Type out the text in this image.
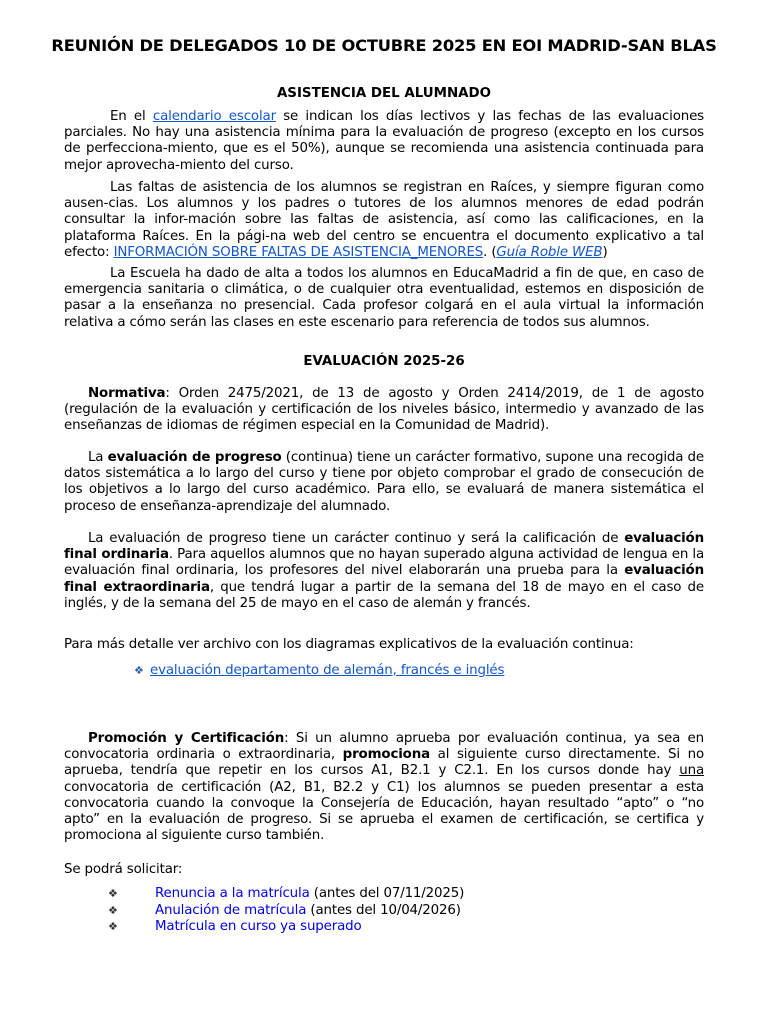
REUNIÓN DE DELEGADOS 10 DE OCTUBRE 2025 EN EOI MADRID-SAN BLAS
ASISTENCIA DEL ALUMNADO
En el calendario escolar se indican los días lectivos y las fechas de las evaluaciones parciales. No hay una asistencia mínima para la evaluación de progreso (excepto en los cursos de perfecciona-miento, que es el 50%), aunque se recomienda una asistencia continuada para mejor aprovecha-miento del curso.
Las faltas de asistencia de los alumnos se registran en Raíces, y siempre figuran como ausen-cias. Los alumnos y los padres o tutores de los alumnos menores de edad podrán consultar la infor-mación sobre las faltas de asistencia, así como las calificaciones, en la plataforma Raíces. En la pági-na web del centro se encuentra el documento explicativo a tal efecto: INFORMACIÓN SOBRE FALTAS DE ASISTENCIA_MENORES. (Guía Roble WEB)
La Escuela ha dado de alta a todos los alumnos en EducaMadrid a fin de que, en caso de emergencia sanitaria o climática, o de cualquier otra eventualidad, estemos en disposición de pasar a la enseñanza no presencial. Cada profesor colgará en el aula virtual la información relativa a cómo serán las clases en este escenario para referencia de todos sus alumnos.
EVALUACIÓN 2025-26
Normativa: Orden 2475/2021, de 13 de agosto y Orden 2414/2019, de 1 de agosto (regulación de la evaluación y certificación de los niveles básico, intermedio y avanzado de las enseñanzas de idiomas de régimen especial en la Comunidad de Madrid).
La evaluación de progreso (continua) tiene un carácter formativo, supone una recogida de datos sistemática a lo largo del curso y tiene por objeto comprobar el grado de consecución de los objetivos a lo largo del curso académico. Para ello, se evaluará de manera sistemática el proceso de enseñanza-aprendizaje del alumnado.
La evaluación de progreso tiene un carácter continuo y será la calificación de evaluación final ordinaria. Para aquellos alumnos que no hayan superado alguna actividad de lengua en la evaluación final ordinaria, los profesores del nivel elaborarán una prueba para la evaluación final extraordinaria, que tendrá lugar a partir de la semana del 18 de mayo en el caso de inglés, y de la semana del 25 de mayo en el caso de alemán y francés.
Para más detalle ver archivo con los diagramas explicativos de la evaluación continua:
❖ evaluación departamento de alemán, francés e inglés
Promoción y Certificación: Si un alumno aprueba por evaluación continua, ya sea en convocatoria ordinaria o extraordinaria, promociona al siguiente curso directamente. Si no aprueba, tendría que repetir en los cursos A1, B2.1 y C2.1. En los cursos donde hay una convocatoria de certificación (A2, B1, B2.2 y C1) los alumnos se pueden presentar a esta convocatoria cuando la convoque la Consejería de Educación, hayan resultado “apto” o “no apto” en la evaluación de progreso. Si se aprueba el examen de certificación, se certifica y promociona al siguiente curso también.
Se podrá solicitar:
❖	Renuncia a la matrícula (antes del 07/11/2025)
❖	Anulación de matrícula (antes del 10/04/2026)
❖	Matrícula en curso ya superado
